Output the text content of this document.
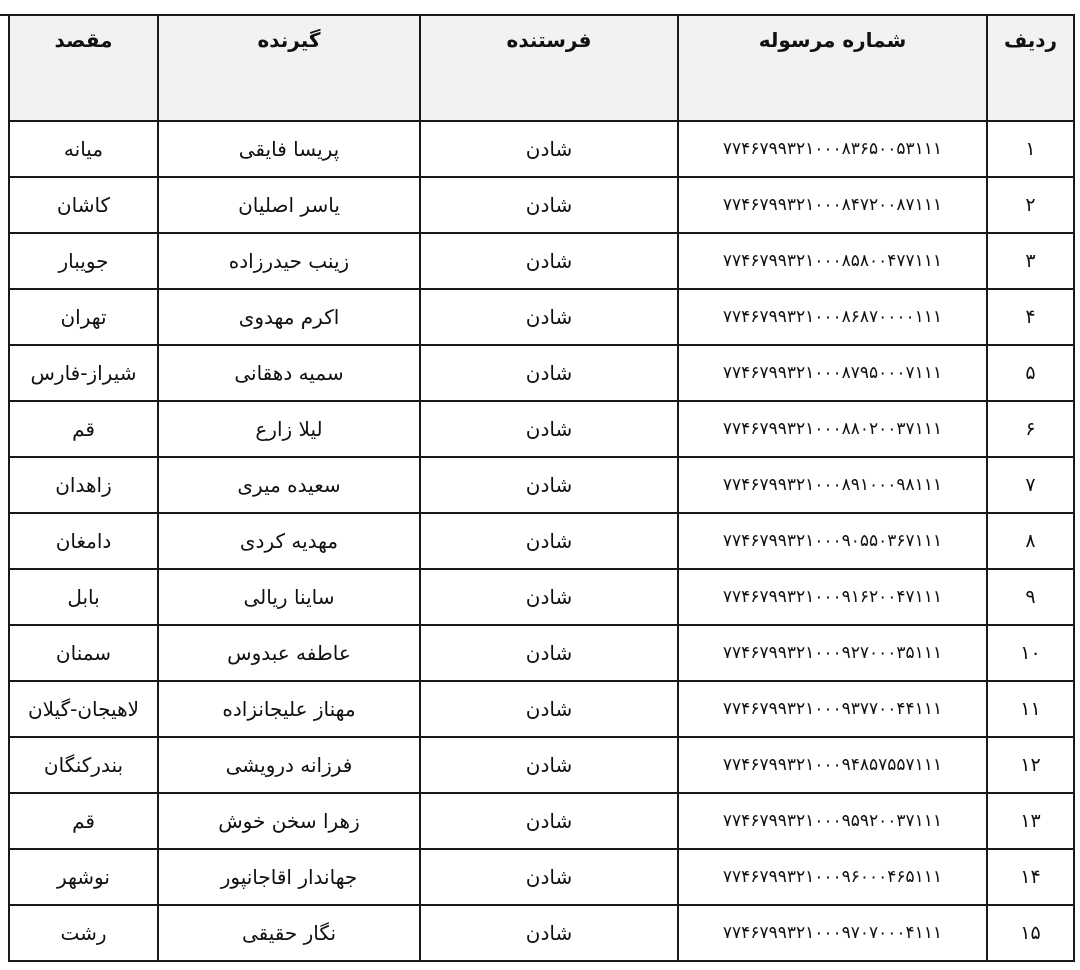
ردیف	شماره مرسوله	فرستنده	گیرنده	مقصد
۱	۷۷۴۶۷۹۹۳۲۱۰۰۰۸۳۶۵۰۰۵۳۱۱۱	شادن	پریسا فایقی	میانه
۲	۷۷۴۶۷۹۹۳۲۱۰۰۰۸۴۷۲۰۰۸۷۱۱۱	شادن	یاسر اصلیان	کاشان
۳	۷۷۴۶۷۹۹۳۲۱۰۰۰۸۵۸۰۰۴۷۷۱۱۱	شادن	زینب حیدرزاده	جویبار
۴	۷۷۴۶۷۹۹۳۲۱۰۰۰۸۶۸۷۰۰۰۰۱۱۱	شادن	اکرم مهدوی	تهران
۵	۷۷۴۶۷۹۹۳۲۱۰۰۰۸۷۹۵۰۰۰۷۱۱۱	شادن	سمیه دهقانی	شیراز-فارس
۶	۷۷۴۶۷۹۹۳۲۱۰۰۰۸۸۰۲۰۰۳۷۱۱۱	شادن	لیلا زارع	قم
۷	۷۷۴۶۷۹۹۳۲۱۰۰۰۸۹۱۰۰۰۹۸۱۱۱	شادن	سعیده میری	زاهدان
۸	۷۷۴۶۷۹۹۳۲۱۰۰۰۹۰۵۵۰۳۶۷۱۱۱	شادن	مهدیه کردی	دامغان
۹	۷۷۴۶۷۹۹۳۲۱۰۰۰۹۱۶۲۰۰۴۷۱۱۱	شادن	ساینا ریالی	بابل
۱۰	۷۷۴۶۷۹۹۳۲۱۰۰۰۹۲۷۰۰۰۳۵۱۱۱	شادن	عاطفه عبدوس	سمنان
۱۱	۷۷۴۶۷۹۹۳۲۱۰۰۰۹۳۷۷۰۰۴۴۱۱۱	شادن	مهناز علیجانزاده	لاهیجان-گیلان
۱۲	۷۷۴۶۷۹۹۳۲۱۰۰۰۹۴۸۵۷۵۵۷۱۱۱	شادن	فرزانه درویشی	بندرکنگان
۱۳	۷۷۴۶۷۹۹۳۲۱۰۰۰۹۵۹۲۰۰۳۷۱۱۱	شادن	زهرا سخن خوش	قم
۱۴	۷۷۴۶۷۹۹۳۲۱۰۰۰۹۶۰۰۰۴۶۵۱۱۱	شادن	جهاندار اقاجانپور	نوشهر
۱۵	۷۷۴۶۷۹۹۳۲۱۰۰۰۹۷۰۷۰۰۰۴۱۱۱	شادن	نگار حقیقی	رشت
